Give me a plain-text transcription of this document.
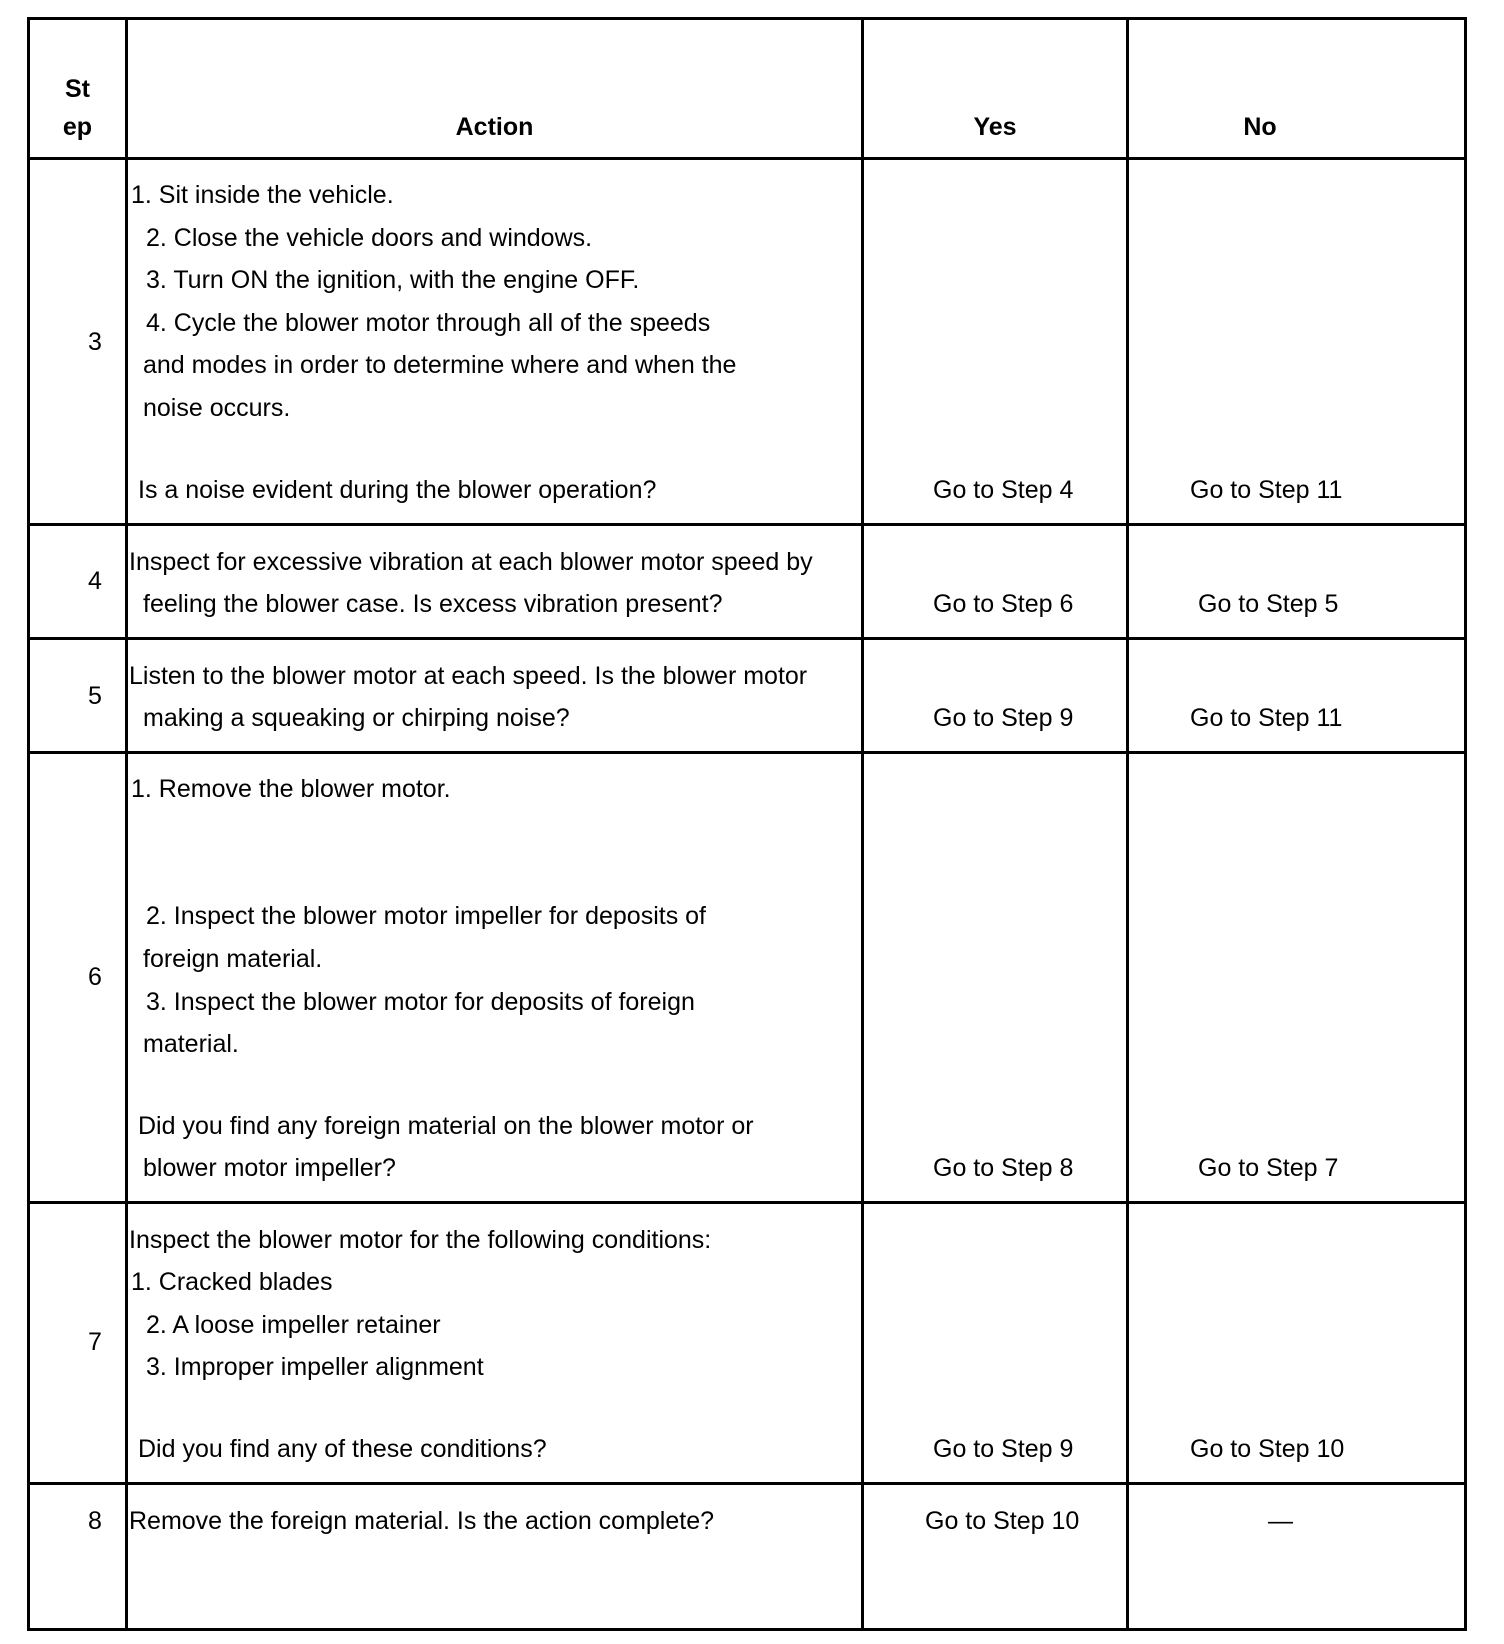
St
ep	Action	Yes	No
3
1. Sit inside the vehicle.
2. Close the vehicle doors and windows.
3. Turn ON the ignition, with the engine OFF.
4. Cycle the blower motor through all of the speeds
and modes in order to determine where and when the
noise occurs.
Is a noise evident during the blower operation?	Go to Step 4	Go to Step 11
4
Inspect for excessive vibration at each blower motor speed by
feeling the blower case. Is excess vibration present?	Go to Step 6	Go to Step 5
5
Listen to the blower motor at each speed. Is the blower motor
making a squeaking or chirping noise?	Go to Step 9	Go to Step 11
6
1. Remove the blower motor.
2. Inspect the blower motor impeller for deposits of
foreign material.
3. Inspect the blower motor for deposits of foreign
material.
Did you find any foreign material on the blower motor or
blower motor impeller?	Go to Step 8	Go to Step 7
7
Inspect the blower motor for the following conditions:
1. Cracked blades
2. A loose impeller retainer
3. Improper impeller alignment
Did you find any of these conditions?	Go to Step 9	Go to Step 10
8	Remove the foreign material. Is the action complete?	Go to Step 10	—
